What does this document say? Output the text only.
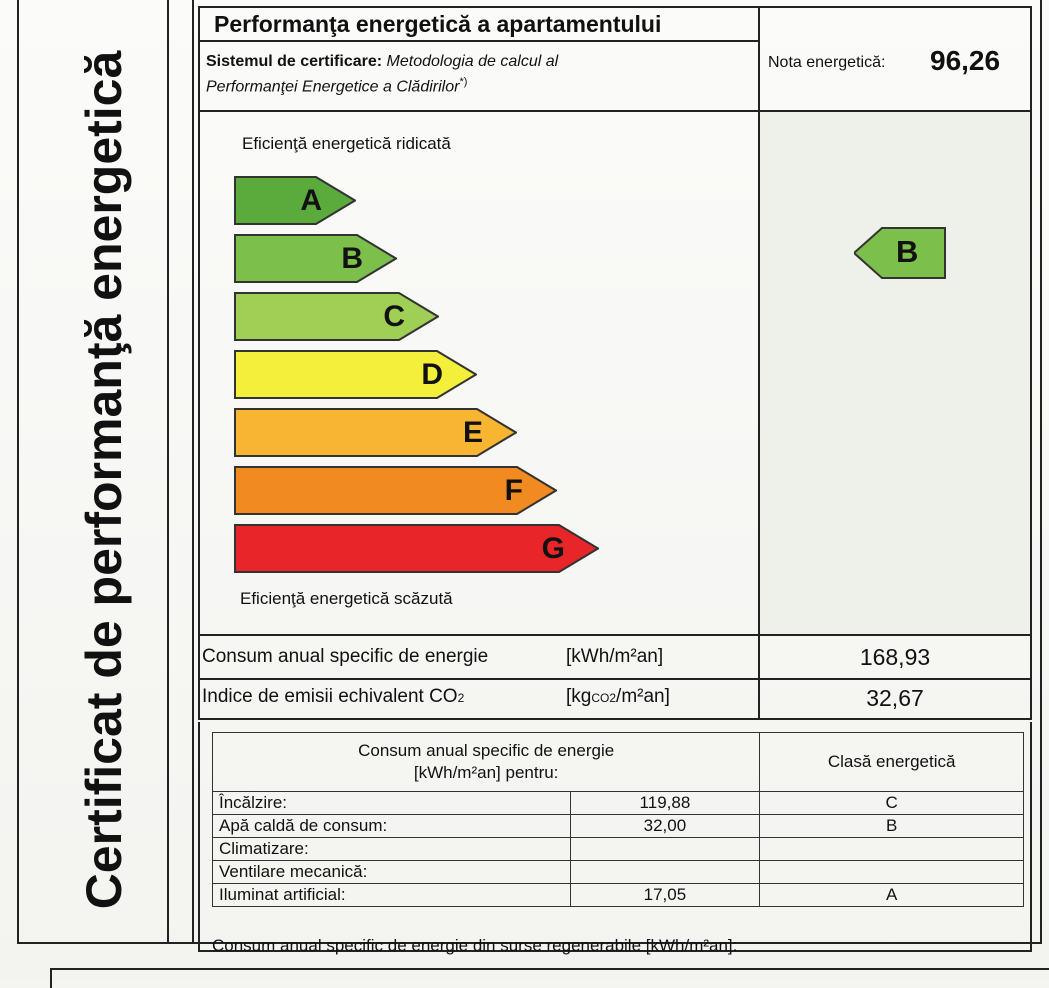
Certificat de performanţă energetică
Performanţa energetică a apartamentului
Sistemul de certificare: Metodologia de calcul al
Performanţei Energetice a Clădirilor*)
Nota energetică: 96,26
Eficienţă energetică ridicată
A
B
C
D
E
F
G
Eficienţă energetică scăzută
B
Consum anual specific de energie	[kWh/m²an]	168,93
Indice de emisii echivalent CO2	[kgCO2/m²an]	32,67
Consum anual specific de energie
[kWh/m²an] pentru:		Clasă energetică
Încălzire:	119,88	C
Apă caldă de consum:	32,00	B
Climatizare:		
Ventilare mecanică:		
Iluminat artificial:	17,05	A
Consum anual specific de energie din surse regenerabile [kWh/m²an]:
